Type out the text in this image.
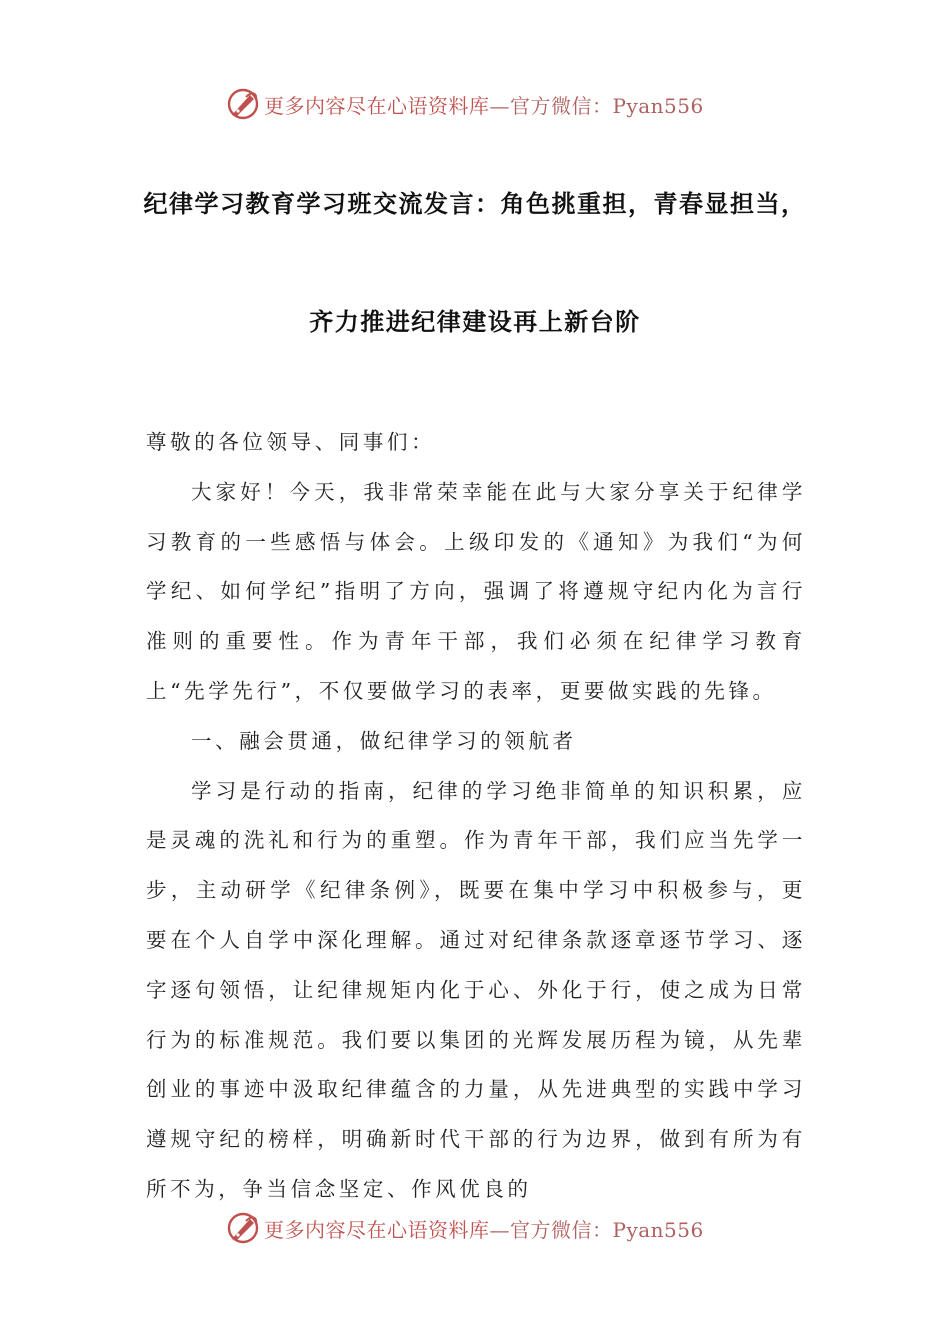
更多内容尽在心语资料库—官方微信：Pyan556
纪律学习教育学习班交流发言：角色挑重担，青春显担当，
齐力推进纪律建设再上新台阶

尊敬的各位领导、同事们：

大家好！今天，我非常荣幸能在此与大家分享关于纪律学习教育的一些感悟与体会。上级印发的《通知》为我们“为何学纪、如何学纪”指明了方向，强调了将遵规守纪内化为言行准则的重要性。作为青年干部，我们必须在纪律学习教育上“先学先行”，不仅要做学习的表率，更要做实践的先锋。

一、融会贯通，做纪律学习的领航者

学习是行动的指南，纪律的学习绝非简单的知识积累，应是灵魂的洗礼和行为的重塑。作为青年干部，我们应当先学一步，主动研学《纪律条例》，既要在集中学习中积极参与，更要在个人自学中深化理解。通过对纪律条款逐章逐节学习、逐字逐句领悟，让纪律规矩内化于心、外化于行，使之成为日常行为的标准规范。我们要以集团的光辉发展历程为镜，从先辈创业的事迹中汲取纪律蕴含的力量，从先进典型的实践中学习遵规守纪的榜样，明确新时代干部的行为边界，做到有所为有所不为，争当信念坚定、作风优良的

更多内容尽在心语资料库—官方微信：Pyan556
